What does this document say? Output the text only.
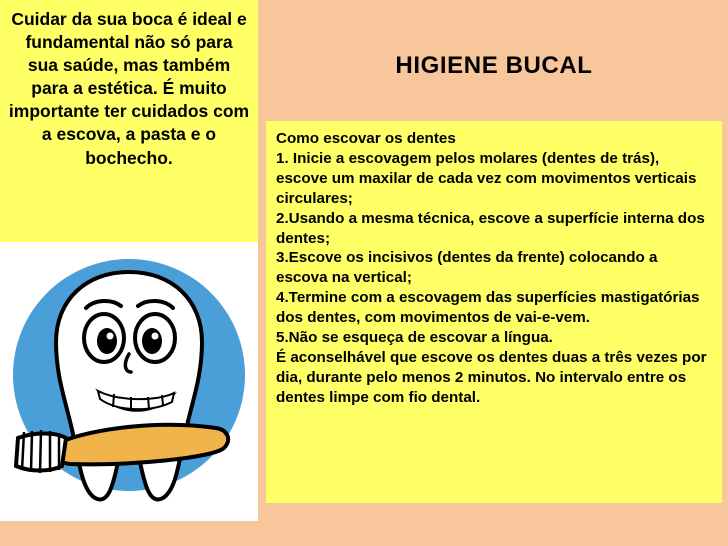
Cuidar da sua boca é ideal e fundamental não só para sua saúde, mas também para a estética. É muito importante ter cuidados com a escova, a pasta e o bochecho.

HIGIENE BUCAL

Como escovar os dentes

1. Inicie a escovagem pelos molares (dentes de trás), escove um maxilar de cada vez com movimentos verticais circulares;

2.Usando a mesma técnica, escove a superfície interna dos dentes;

3.Escove os incisivos (dentes da frente) colocando a escova na vertical;

4.Termine com a escovagem das superfícies mastigatórias dos dentes, com movimentos de vai-e-vem.

5.Não se esqueça de escovar a língua.

É aconselhável que escove os dentes duas a três vezes por dia, durante pelo menos 2 minutos. No intervalo entre os dentes limpe com fio dental.
